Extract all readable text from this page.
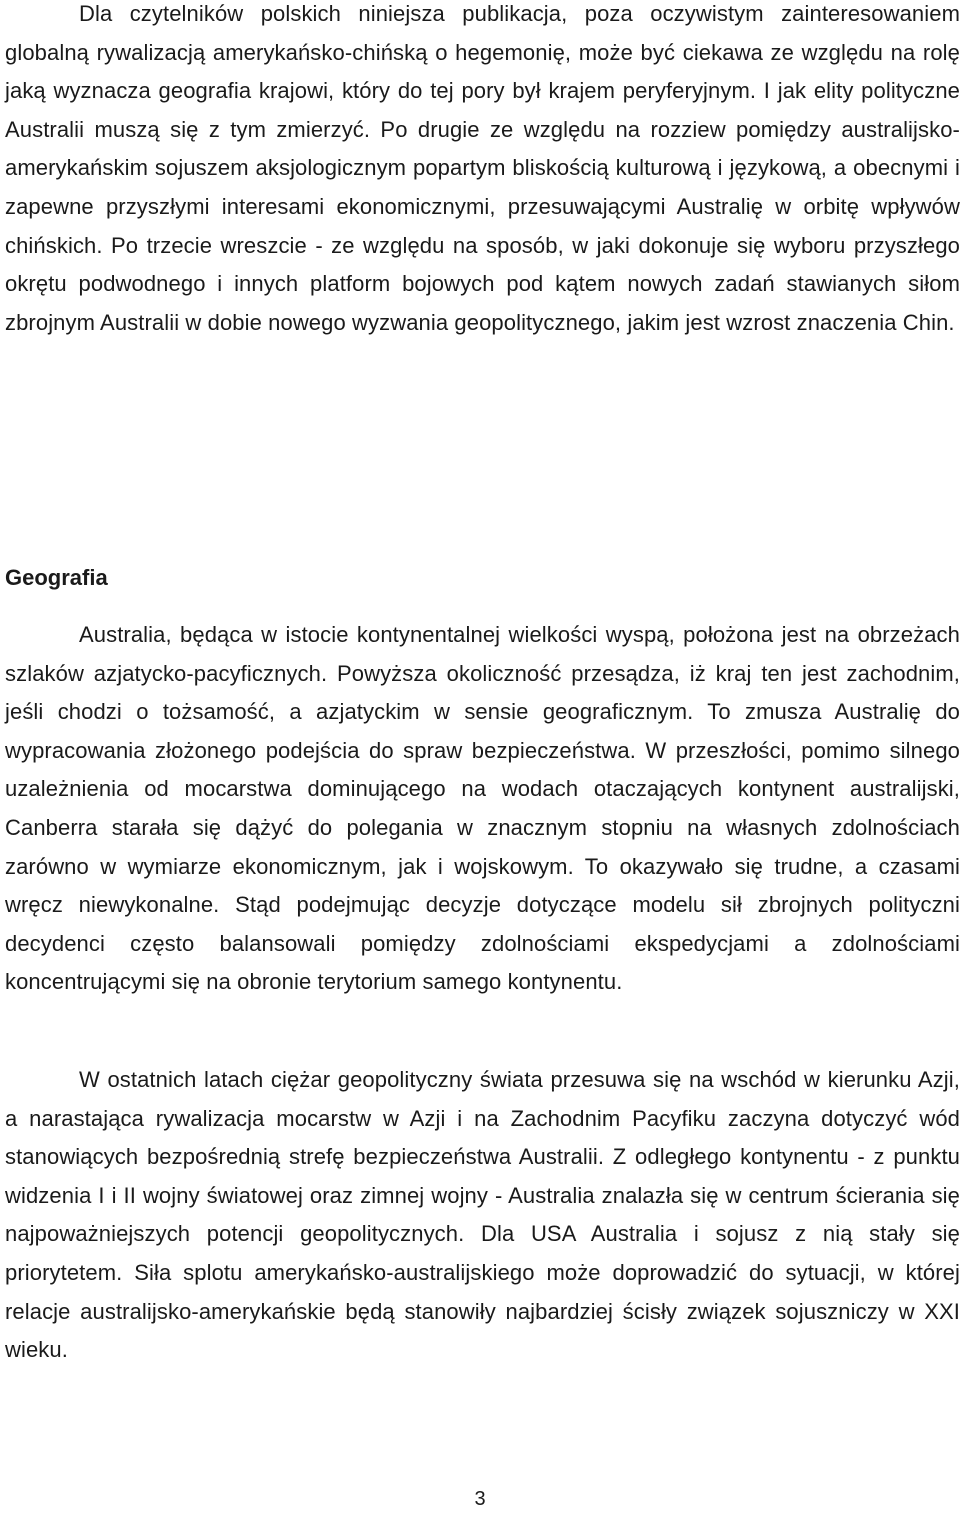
Dla czytelników polskich niniejsza publikacja, poza oczywistym zainteresowaniem globalną rywalizacją amerykańsko-chińską o hegemonię, może być ciekawa ze względu na rolę jaką wyznacza geografia krajowi, który do tej pory był krajem peryferyjnym. I jak elity polityczne Australii muszą się z tym zmierzyć. Po drugie ze względu na rozziew pomiędzy australijsko-amerykańskim sojuszem aksjologicznym popartym bliskością kulturową i językową, a obecnymi i zapewne przyszłymi interesami ekonomicznymi, przesuwającymi Australię w orbitę wpływów chińskich. Po trzecie wreszcie - ze względu na sposób, w jaki dokonuje się wyboru przyszłego okrętu podwodnego i innych platform bojowych pod kątem nowych zadań stawianych siłom zbrojnym Australii w dobie nowego wyzwania geopolitycznego, jakim jest wzrost znaczenia Chin.

Geografia

Australia, będąca w istocie kontynentalnej wielkości wyspą, położona jest na obrzeżach szlaków azjatycko-pacyficznych. Powyższa okoliczność przesądza, iż kraj ten jest zachodnim, jeśli chodzi o tożsamość, a azjatyckim w sensie geograficznym. To zmusza Australię do wypracowania złożonego podejścia do spraw bezpieczeństwa. W przeszłości, pomimo silnego uzależnienia od mocarstwa dominującego na wodach otaczających kontynent australijski, Canberra starała się dążyć do polegania w znacznym stopniu na własnych zdolnościach zarówno w wymiarze ekonomicznym, jak i wojskowym. To okazywało się trudne, a czasami wręcz niewykonalne. Stąd podejmując decyzje dotyczące modelu sił zbrojnych polityczni decydenci często balansowali pomiędzy zdolnościami ekspedycjami a zdolnościami koncentrującymi się na obronie terytorium samego kontynentu.

W ostatnich latach ciężar geopolityczny świata przesuwa się na wschód w kierunku Azji, a narastająca rywalizacja mocarstw w Azji i na Zachodnim Pacyfiku zaczyna dotyczyć wód stanowiących bezpośrednią strefę bezpieczeństwa Australii. Z odległego kontynentu - z punktu widzenia I i II wojny światowej oraz zimnej wojny - Australia znalazła się w centrum ścierania się najpoważniejszych potencji geopolitycznych. Dla USA Australia i sojusz z nią stały się priorytetem. Siła splotu amerykańsko-australijskiego może doprowadzić do sytuacji, w której relacje australijsko-amerykańskie będą stanowiły najbardziej ścisły związek sojuszniczy w XXI wieku.

3
